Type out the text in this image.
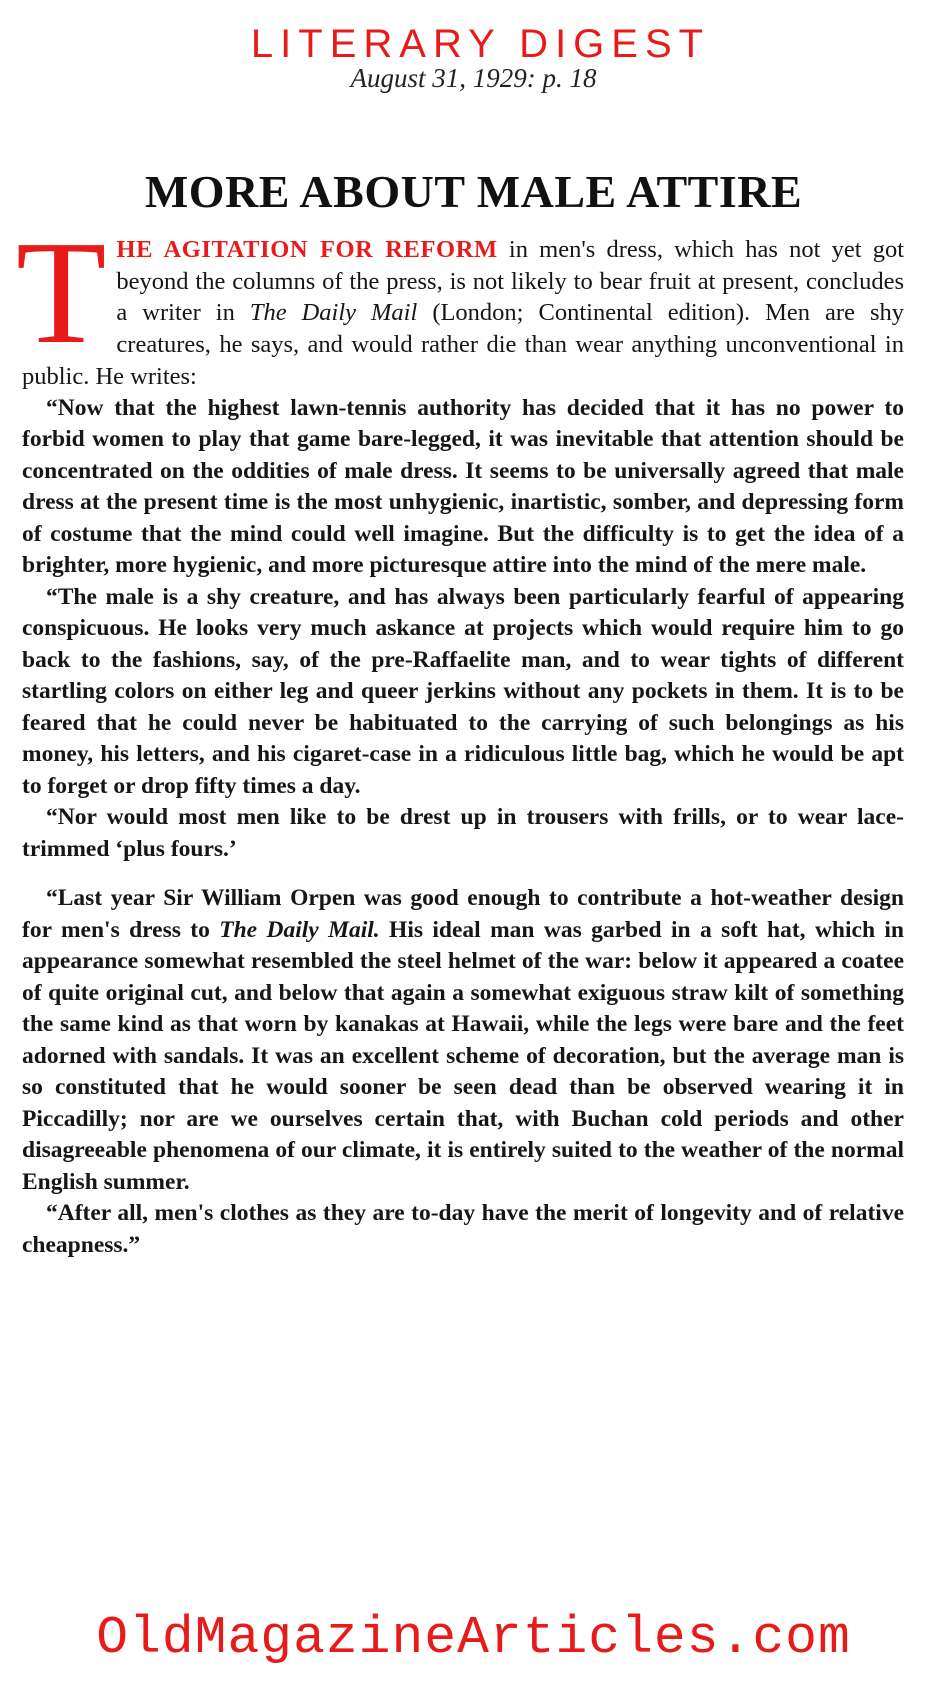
LITERARY DIGEST
August 31, 1929: p. 18
MORE ABOUT MALE ATTIRE

THE AGITATION FOR REFORM in men's dress, which has not yet got beyond the columns of the press, is not likely to bear fruit at present, concludes a writer in The Daily Mail (London; Continental edition). Men are shy creatures, he says, and would rather die than wear anything unconventional in public. He writes:

“Now that the highest lawn-tennis authority has decided that it has no power to forbid women to play that game bare-legged, it was inevitable that attention should be concentrated on the oddities of male dress. It seems to be universally agreed that male dress at the present time is the most unhygienic, inartistic, somber, and depressing form of costume that the mind could well imagine. But the difficulty is to get the idea of a brighter, more hygienic, and more picturesque attire into the mind of the mere male.

“The male is a shy creature, and has always been particularly fearful of appearing conspicuous. He looks very much askance at projects which would require him to go back to the fashions, say, of the pre-Raffaelite man, and to wear tights of different startling colors on either leg and queer jerkins without any pockets in them. It is to be feared that he could never be habituated to the carrying of such belongings as his money, his letters, and his cigaret-case in a ridiculous little bag, which he would be apt to forget or drop fifty times a day.

“Nor would most men like to be drest up in trousers with frills, or to wear lace-trimmed ‘plus fours.’

“Last year Sir William Orpen was good enough to contribute a hot-weather design for men's dress to The Daily Mail. His ideal man was garbed in a soft hat, which in appearance somewhat resembled the steel helmet of the war: below it appeared a coatee of quite original cut, and below that again a somewhat exiguous straw kilt of something the same kind as that worn by kanakas at Hawaii, while the legs were bare and the feet adorned with sandals. It was an excellent scheme of decoration, but the average man is so constituted that he would sooner be seen dead than be observed wearing it in Piccadilly; nor are we ourselves certain that, with Buchan cold periods and other disagreeable phenomena of our climate, it is entirely suited to the weather of the normal English summer.

“After all, men's clothes as they are to-day have the merit of longevity and of relative cheapness.”

OldMagazineArticles.com
